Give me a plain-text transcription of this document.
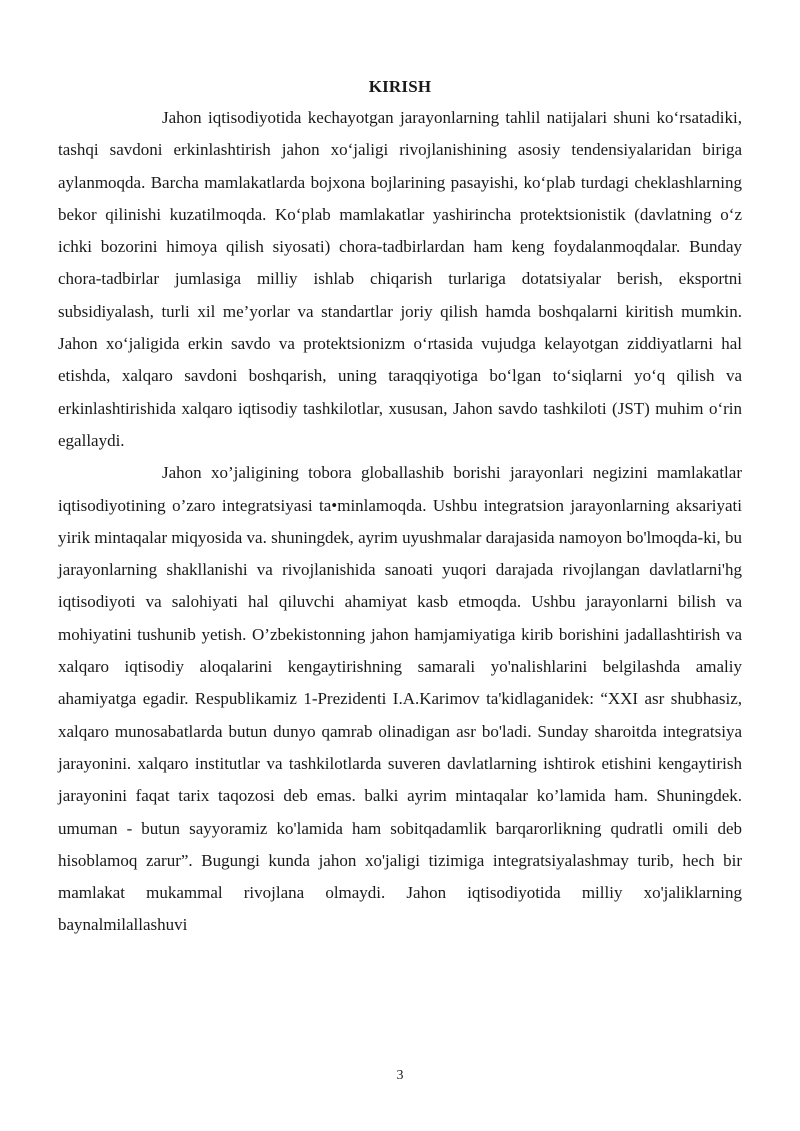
KIRISH

Jahon iqtisodiyotida kechayotgan jarayonlarning tahlil natijalari shuni koʻrsatadiki, tashqi savdoni erkinlashtirish jahon xoʻjaligi rivojlanishining asosiy tendensiyalaridan biriga aylanmoqda. Barcha mamlakatlarda bojxona bojlarining pasayishi, koʻplab turdagi cheklashlarning bekor qilinishi kuzatilmoqda. Koʻplab mamlakatlar yashirincha protektsionistik (davlatning oʻz ichki bozorini himoya qilish siyosati) chora-tadbirlardan ham keng foydalanmoqdalar. Bunday chora-tadbirlar jumlasiga milliy ishlab chiqarish turlariga dotatsiyalar berish, eksportni subsidiyalash, turli xil me’yorlar va standartlar joriy qilish hamda boshqalarni kiritish mumkin. Jahon xoʻjaligida erkin savdo va protektsionizm oʻrtasida vujudga kelayotgan ziddiyatlarni hal etishda, xalqaro savdoni boshqarish, uning taraqqiyotiga boʻlgan toʻsiqlarni yoʻq qilish va erkinlashtirishida xalqaro iqtisodiy tashkilotlar, xususan, Jahon savdo tashkiloti (JST) muhim oʻrin egallaydi.

Jahon xo’jaligining tobora globallashib borishi jarayonlari negizini mamlakatlar iqtisodiyotining o’zaro integratsiyasi ta•minlamoqda. Ushbu integratsion jarayonlarning aksariyati yirik mintaqalar miqyosida va. shuningdek, ayrim uyushmalar darajasida namoyon bo'lmoqda-ki, bu jarayonlarning shakllanishi va rivojlanishida sanoati yuqori darajada rivojlangan davlatlarni'hg iqtisodiyoti va salohiyati hal qiluvchi ahamiyat kasb etmoqda. Ushbu jarayonlarni bilish va mohiyatini tushunib yetish. O’zbekistonning jahon hamjamiyatiga kirib borishini jadallashtirish va xalqaro iqtisodiy aloqalarini kengaytirishning samarali yo'nalishlarini belgilashda amaliy ahamiyatga egadir. Respublikamiz 1-Prezidenti I.A.Karimov ta'kidlaganidek: “XXI asr shubhasiz, xalqaro munosabatlarda butun dunyo qamrab olinadigan asr bo'ladi. Sunday sharoitda integratsiya jarayonini. xalqaro institutlar va tashkilotlarda suveren davlatlarning ishtirok etishini kengaytirish jarayonini faqat tarix taqozosi deb emas. balki ayrim mintaqalar ko’lamida ham. Shuningdek. umuman - butun sayyoramiz ko'lamida ham sobitqadamlik barqarorlikning qudratli omili deb hisoblamoq zarur”. Bugungi kunda jahon xo'jaligi tizimiga integratsiyalashmay turib, hech bir mamlakat mukammal rivojlana olmaydi. Jahon iqtisodiyotida milliy xo'jaliklarning baynalmilallashuvi

3
